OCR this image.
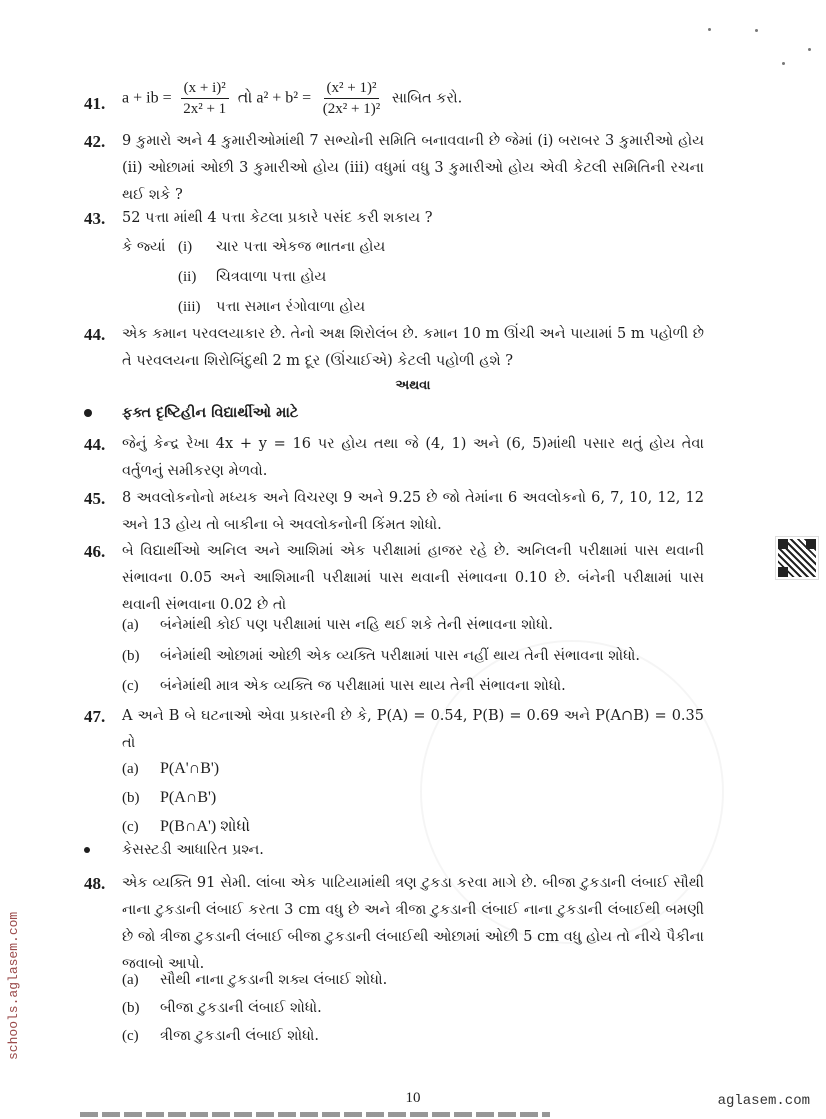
41. a + ib = $\frac{\text{(x + i)²}}{\text{2x² + 1}}$ તો $a^2 + b^2 = \frac{\text{(x² + 1)²}}{\text{(2x² + 1)²}}$ સાબિત કરો.
42. 9 કુમારો અને 4 કુમારીઓમાંથી 7 સભ્યોની સમિતિ બનાવવાની છે જેમાં (i) બરાબર 3 કુમારીઓ હોય (ii) ઓછામાં ઓછી 3 કુમારીઓ હોય (iii) વધુમાં વધુ 3 કુમારીઓ હોય એવી કેટલી સમિતિની રચના થઈ શકે ?
43. 52 પત્તા માંથી 4 પત્તા કેટલા પ્રકારે પસંદ કરી શકાય ?
કે જ્યાં (i) ચાર પત્તા એકજ ભાતના હોય
(ii) ચિત્રવાળા પત્તા હોય
(iii) પત્તા સમાન રંગોવાળા હોય
44. એક કમાન પરવલયાકાર છે. તેનો અક્ષ શિરોલંબ છે. કમાન 10 m ઊંચી અને પાયામાં 5 m પહોળી છે તે પરવલયના શિરોબિંદુથી 2 m દૂર (ઊંચાઈએ) કેટલી પહોળી હશે ?
અથવા
ફક્ત દૃષ્ટિહીન વિદ્યાર્થીઓ માટે
44. જેનું કેન્દ્ર રેખા 4x + y = 16 પર હોય તથા જે (4, 1) અને (6, 5)માંથી પસાર થતું હોય તેવા વર્તુળનું સમીકરણ મેળવો.
45. 8 અવલોકનોનો મધ્યક અને વિચરણ 9 અને 9.25 છે જો તેમાંના 6 અવલોકનો 6, 7, 10, 12, 12 અને 13 હોય તો બાકીના બે અવલોકનોની કિંમત શોધો.
46. બે વિદ્યાર્થીઓ અનિલ અને આશિમાં એક પરીક્ષામાં હાજર રહે છે. અનિલની પરીક્ષામાં પાસ થવાની સંભાવના 0.05 અને આશિમાની પરીક્ષામાં પાસ થવાની સંભાવના 0.10 છે. બંનેની પરીક્ષામાં પાસ થવાની સંભવાના 0.02 છે તો
(a) બંનેમાંથી કોઈ પણ પરીક્ષામાં પાસ નહિ થઈ શકે તેની સંભાવના શોધો.
(b) બંનેમાંથી ઓછામાં ઓછી એક વ્યક્તિ પરીક્ષામાં પાસ નહીં થાય તેની સંભાવના શોધો.
(c) બંનેમાંથી માત્ર એક વ્યક્તિ જ પરીક્ષામાં પાસ થાય તેની સંભાવના શોધો.
47. A અને B બે ઘટનાઓ એવા પ્રકારની છે કે, P(A) = 0.54, P(B) = 0.69 અને P(A∩B) = 0.35 તો
(a) P(A'∩B')
(b) P(A∩B')
(c) P(B∩A') શોધો
કેસસ્ટડી આધારિત પ્રશ્ન.
48. એક વ્યક્તિ 91 સેમી. લાંબા એક પાટિયામાંથી ત્રણ ટુકડા કરવા માગે છે. બીજા ટુકડાની લંબાઈ સૌથી નાના ટુકડાની લંબાઈ કરતા 3 cm વધુ છે અને ત્રીજા ટુકડાની લંબાઈ નાના ટુકડાની લંબાઈથી બમણી છે જો ત્રીજા ટુકડાની લંબાઈ બીજા ટુકડાની લંબાઈથી ઓછામાં ઓછી 5 cm વધુ હોય તો નીચે પૈકીના જવાબો આપો.
(a) સૌથી નાના ટુકડાની શક્ય લંબાઈ શોધો.
(b) બીજા ટુકડાની લંબાઈ શોધો.
(c) ત્રીજા ટુકડાની લંબાઈ શોધો.
10
schools.aglasem.com
aglasem.com
